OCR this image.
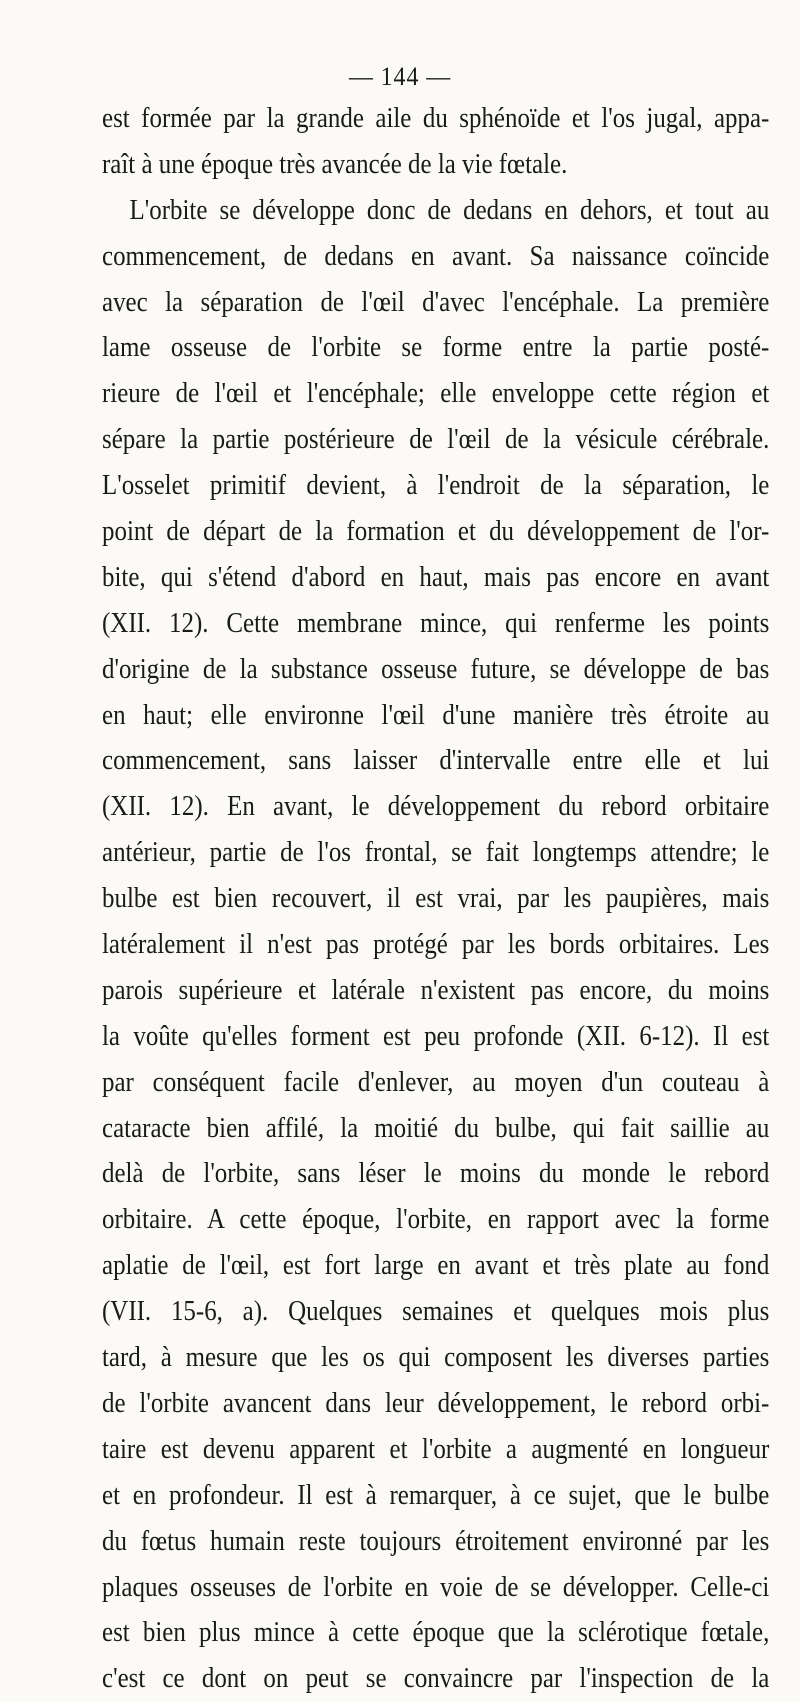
— 144 —
est formée par la grande aile du sphénoïde et l'os jugal, appa-
raît à une époque très avancée de la vie fœtale.
L'orbite se développe donc de dedans en dehors, et tout au
commencement, de dedans en avant. Sa naissance coïncide
avec la séparation de l'œil d'avec l'encéphale. La première
lame osseuse de l'orbite se forme entre la partie posté-
rieure de l'œil et l'encéphale; elle enveloppe cette région et
sépare la partie postérieure de l'œil de la vésicule cérébrale.
L'osselet primitif devient, à l'endroit de la séparation, le
point de départ de la formation et du développement de l'or-
bite, qui s'étend d'abord en haut, mais pas encore en avant
(XII. 12). Cette membrane mince, qui renferme les points
d'origine de la substance osseuse future, se développe de bas
en haut; elle environne l'œil d'une manière très étroite au
commencement, sans laisser d'intervalle entre elle et lui
(XII. 12). En avant, le développement du rebord orbitaire
antérieur, partie de l'os frontal, se fait longtemps attendre; le
bulbe est bien recouvert, il est vrai, par les paupières, mais
latéralement il n'est pas protégé par les bords orbitaires. Les
parois supérieure et latérale n'existent pas encore, du moins
la voûte qu'elles forment est peu profonde (XII. 6-12). Il est
par conséquent facile d'enlever, au moyen d'un couteau à
cataracte bien affilé, la moitié du bulbe, qui fait saillie au
delà de l'orbite, sans léser le moins du monde le rebord
orbitaire. A cette époque, l'orbite, en rapport avec la forme
aplatie de l'œil, est fort large en avant et très plate au fond
(VII. 15-6, a). Quelques semaines et quelques mois plus
tard, à mesure que les os qui composent les diverses parties
de l'orbite avancent dans leur développement, le rebord orbi-
taire est devenu apparent et l'orbite a augmenté en longueur
et en profondeur. Il est à remarquer, à ce sujet, que le bulbe
du fœtus humain reste toujours étroitement environné par les
plaques osseuses de l'orbite en voie de se développer. Celle-ci
est bien plus mince à cette époque que la sclérotique fœtale,
c'est ce dont on peut se convaincre par l'inspection de la
